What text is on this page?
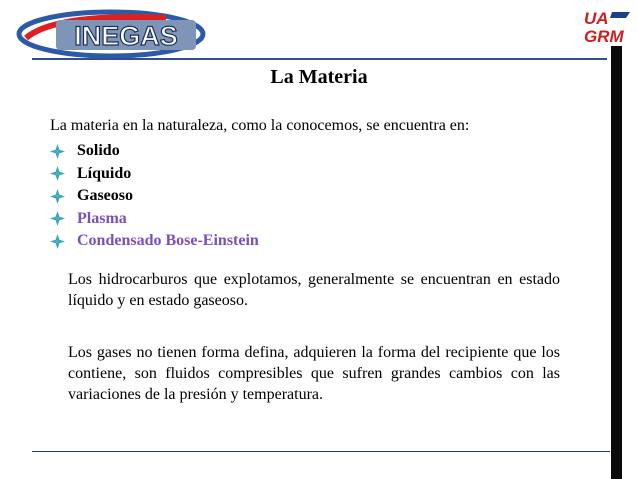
INEGAS
UA
GRM
La Materia
La materia en la naturaleza, como la conocemos, se encuentra en:
Solido
Líquido
Gaseoso
Plasma
Condensado Bose-Einstein
Los hidrocarburos que explotamos, generalmente se encuentran en estado líquido y en estado gaseoso.
Los gases no tienen forma defina, adquieren la forma del recipiente que los contiene, son fluidos compresibles que sufren grandes cambios con las variaciones de la presión y temperatura.
